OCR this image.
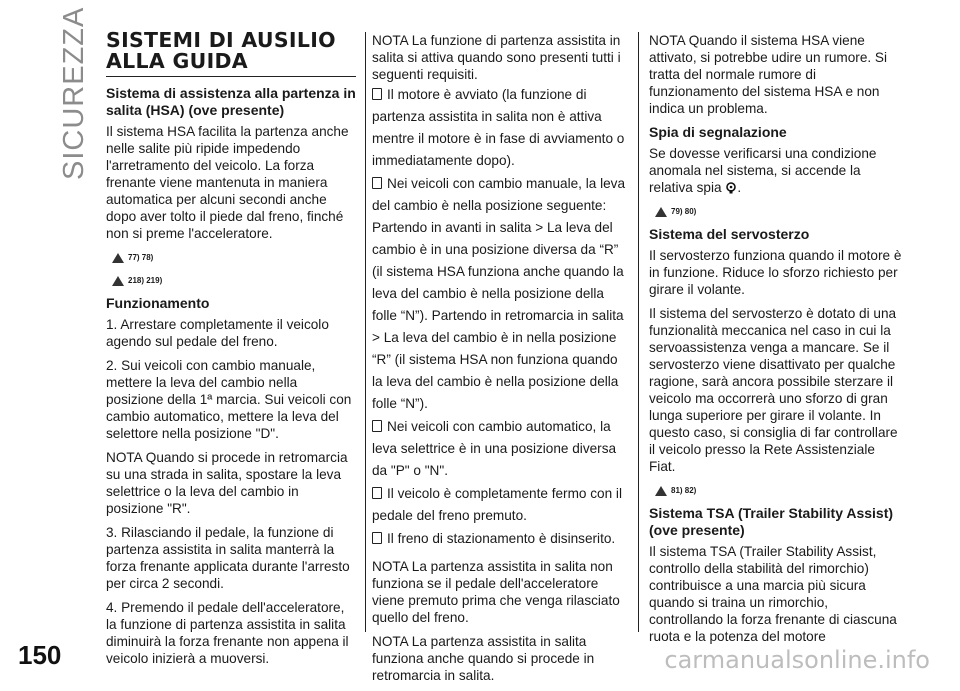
SICUREZZA SISTEMI DI AUSILIO ALLA GUIDA
Sistema di assistenza alla partenza in salita (HSA) (ove presente)

Il sistema HSA facilita la partenza anche nelle salite più ripide impedendo l'arretramento del veicolo. La forza frenante viene mantenuta in maniera automatica per alcuni secondi anche dopo aver tolto il piede dal freno, finché non si preme l'acceleratore.

77) 78)
218) 219)
Funzionamento

1. Arrestare completamente il veicolo agendo sul pedale del freno.

2. Sui veicoli con cambio manuale, mettere la leva del cambio nella posizione della 1ª marcia. Sui veicoli con cambio automatico, mettere la leva del selettore nella posizione "D".

NOTA Quando si procede in retromarcia su una strada in salita, spostare la leva selettrice o la leva del cambio in posizione "R".

3. Rilasciando il pedale, la funzione di partenza assistita in salita manterrà la forza frenante applicata durante l'arresto per circa 2 secondi.

4. Premendo il pedale dell'acceleratore, la funzione di partenza assistita in salita diminuirà la forza frenante non appena il veicolo inizierà a muoversi.

NOTA La funzione di partenza assistita in salita si attiva quando sono presenti tutti i seguenti requisiti.

Il motore è avviato (la funzione di partenza assistita in salita non è attiva mentre il motore è in fase di avviamento o immediatamente dopo).
Nei veicoli con cambio manuale, la leva del cambio è nella posizione seguente: Partendo in avanti in salita > La leva del cambio è in una posizione diversa da “R” (il sistema HSA funziona anche quando la leva del cambio è nella posizione della folle “N”). Partendo in retromarcia in salita > La leva del cambio è in nella posizione “R” (il sistema HSA non funziona quando la leva del cambio è nella posizione della folle “N”).
Nei veicoli con cambio automatico, la leva selettrice è in una posizione diversa da "P" o "N".
Il veicolo è completamente fermo con il pedale del freno premuto.
Il freno di stazionamento è disinserito.

NOTA La partenza assistita in salita non funziona se il pedale dell'acceleratore viene premuto prima che venga rilasciato quello del freno.

NOTA La partenza assistita in salita funziona anche quando si procede in retromarcia in salita.

NOTA Quando il sistema HSA viene attivato, si potrebbe udire un rumore. Si tratta del normale rumore di funzionamento del sistema HSA e non indica un problema.

Spia di segnalazione

Se dovesse verificarsi una condizione anomala nel sistema, si accende la relativa spia .

79) 80)
Sistema del servosterzo

Il servosterzo funziona quando il motore è in funzione. Riduce lo sforzo richiesto per girare il volante.

Il sistema del servosterzo è dotato di una funzionalità meccanica nel caso in cui la servoassistenza venga a mancare. Se il servosterzo viene disattivato per qualche ragione, sarà ancora possibile sterzare il veicolo ma occorrerà uno sforzo di gran lunga superiore per girare il volante. In questo caso, si consiglia di far controllare il veicolo presso la Rete Assistenziale Fiat.

81) 82)
Sistema TSA (Trailer Stability Assist) (ove presente)

Il sistema TSA (Trailer Stability Assist, controllo della stabilità del rimorchio) contribuisce a una marcia più sicura quando si traina un rimorchio, controllando la forza frenante di ciascuna ruota e la potenza del motore

150	carmanualsonline.info
